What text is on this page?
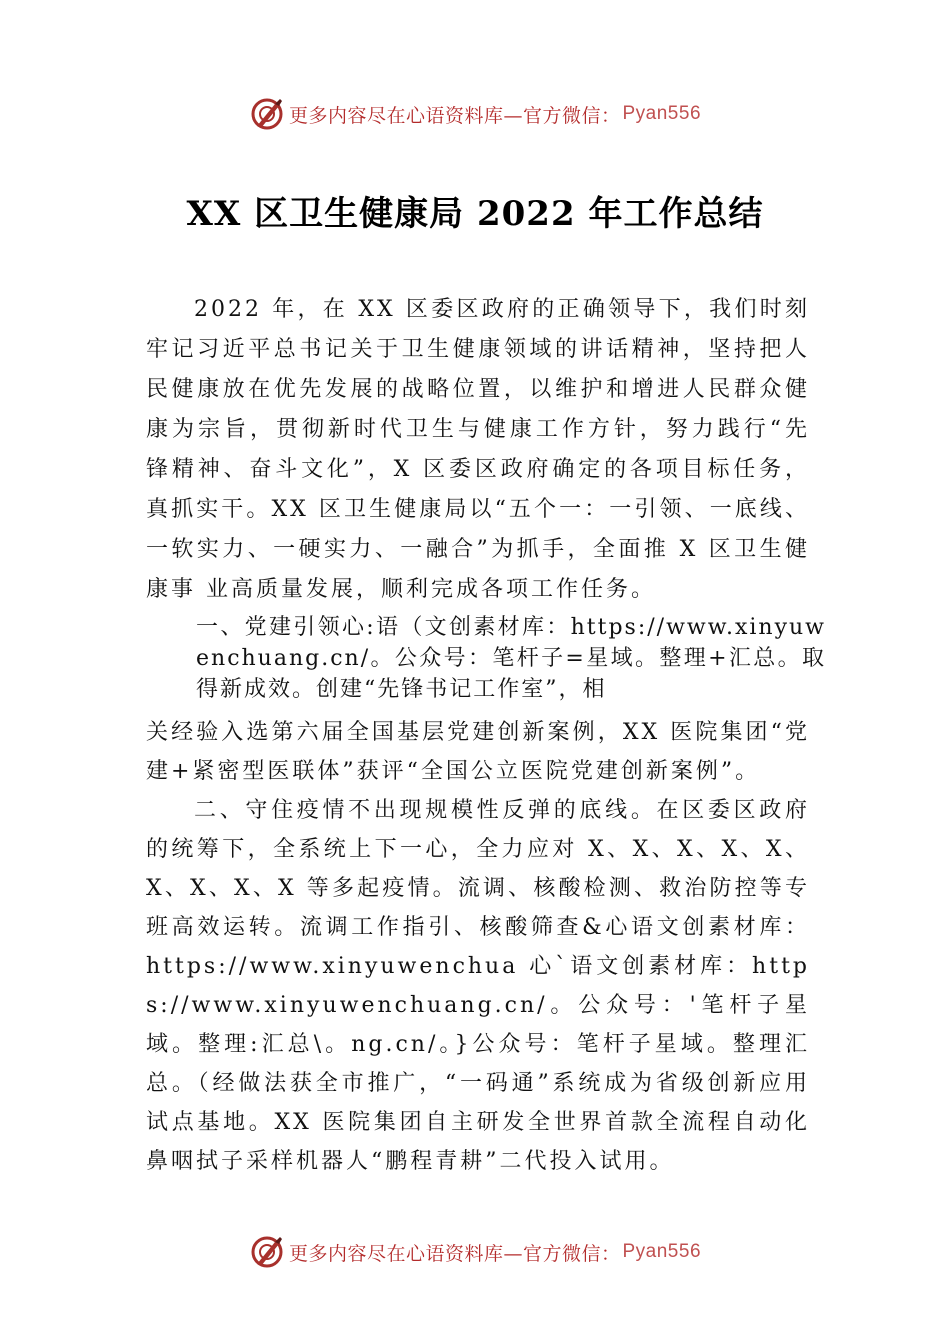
更多内容尽在心语资料库—官方微信： Pyan556
XX 区卫生健康局 2022 年工作总结

2022 年，在 XX 区委区政府的正确领导下，我们时刻牢记习近平总书记关于卫生健康领域的讲话精神，坚持把人民健康放在优先发展的战略位置，以维护和增进人民群众健康为宗旨，贯彻新时代卫生与健康工作方针，努力践行“先锋精神、奋斗文化”，X 区委区政府确定的各项目标任务，真抓实干。XX 区卫生健康局以“五个一：一引领、一底线、一软实力、一硬实力、一融合”为抓手，全面推 X 区卫生健康事 业高质量发展，顺利完成各项工作任务。

一、党建引领心:语（文创素材库：https://www.xinyuwenchuang.cn/。公众号：笔杆子=星域。整理+汇总。取得新成效。创建“先锋书记工作室”，相

关经验入选第六届全国基层党建创新案例，XX 医院集团“党建+紧密型医联体”获评“全国公立医院党建创新案例”。

二、守住疫情不出现规模性反弹的底线。在区委区政府的统筹下，全系统上下一心，全力应对 X、X、X、X、X、X、X、X、X 等多起疫情。流调、核酸检测、救治防控等专班高效运转。流调工作指引、核酸筛查&心语文创素材库：https://www.xinyuwenchua 心`语文创素材库：https://www.xinyuwenchuang.cn/。公众号：'笔杆子星域。整理:汇总\。ng.cn/。}公众号：笔杆子星域。整理汇总。（经做法获全市推广，“一码通”系统成为省级创新应用试点基地。XX 医院集团自主研发全世界首款全流程自动化鼻咽拭子采样机器人“鹏程青耕”二代投入试用。

更多内容尽在心语资料库—官方微信： Pyan556
